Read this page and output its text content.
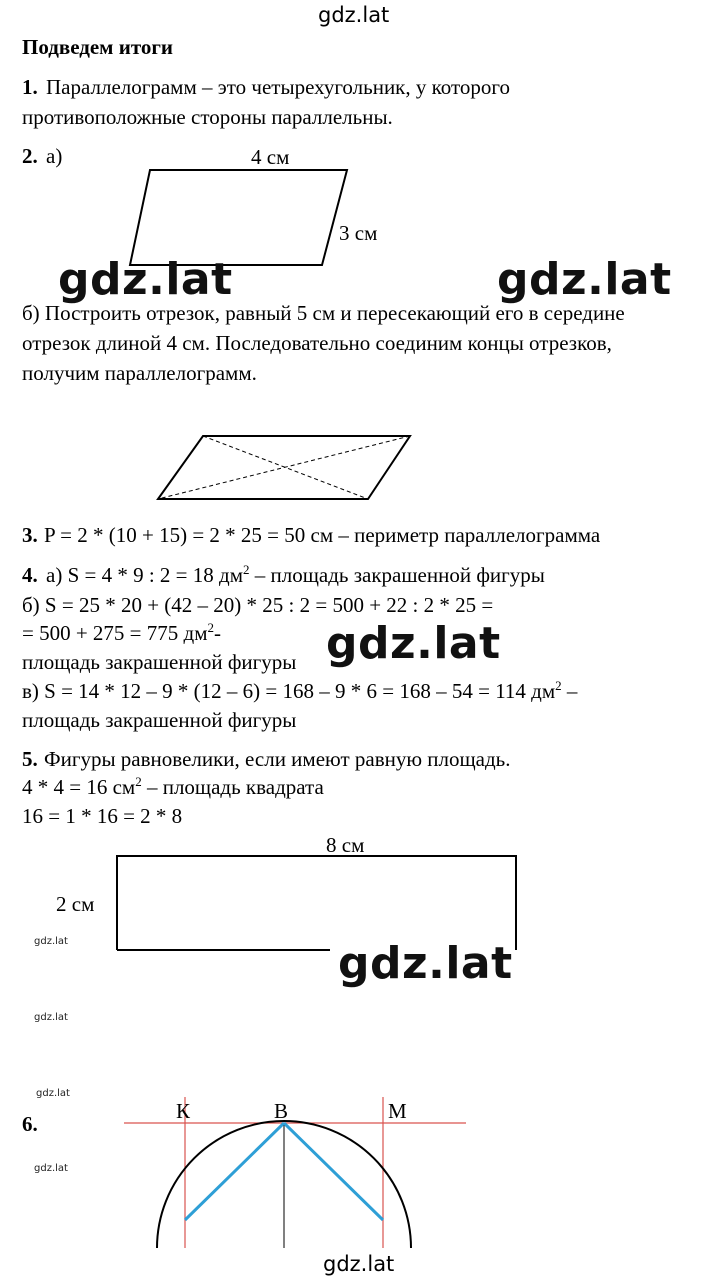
gdz.lat
gdz.lat
Подведем итоги
1. Параллелограмм – это четырехугольник, у которого
противоположные стороны параллельны.
2. а)	4 см
3 см
gdz.lat	gdz.lat
gdz.lat
gdz.lat
б) Построить отрезок, равный 5 см и пересекающий его в середине
отрезок длиной 4 см. Последовательно соединим концы отрезков,
получим параллелограмм.
3. P = 2 * (10 + 15) = 2 * 25 = 50 см – периметр параллелограмма
4. а) S = 4 * 9 : 2 = 18 $дм^2$ – площадь закрашенной фигуры
б) S = 25 * 20 + (42 – 20) * 25 : 2 = 500 + 22 : 2 * 25 =
= 500 + 275 = 775 $дм^2-$
площадь закрашенной фигуры
в) S = 14 * 12 – 9 * (12 – 6) = 168 – 9 * 6 = 168 – 54 = 114 $дм^2$ –
площадь закрашенной фигуры
5. Фигуры равновелики, если имеют равную площадь.
4 * 4 = 16 $см^2$ – площадь квадрата
16 = 1 * 16 = 2 * 8
8 см
2 см
gdz.lat
gdz.lat
gdz.lat
gdz.lat
6.
К	В	М
